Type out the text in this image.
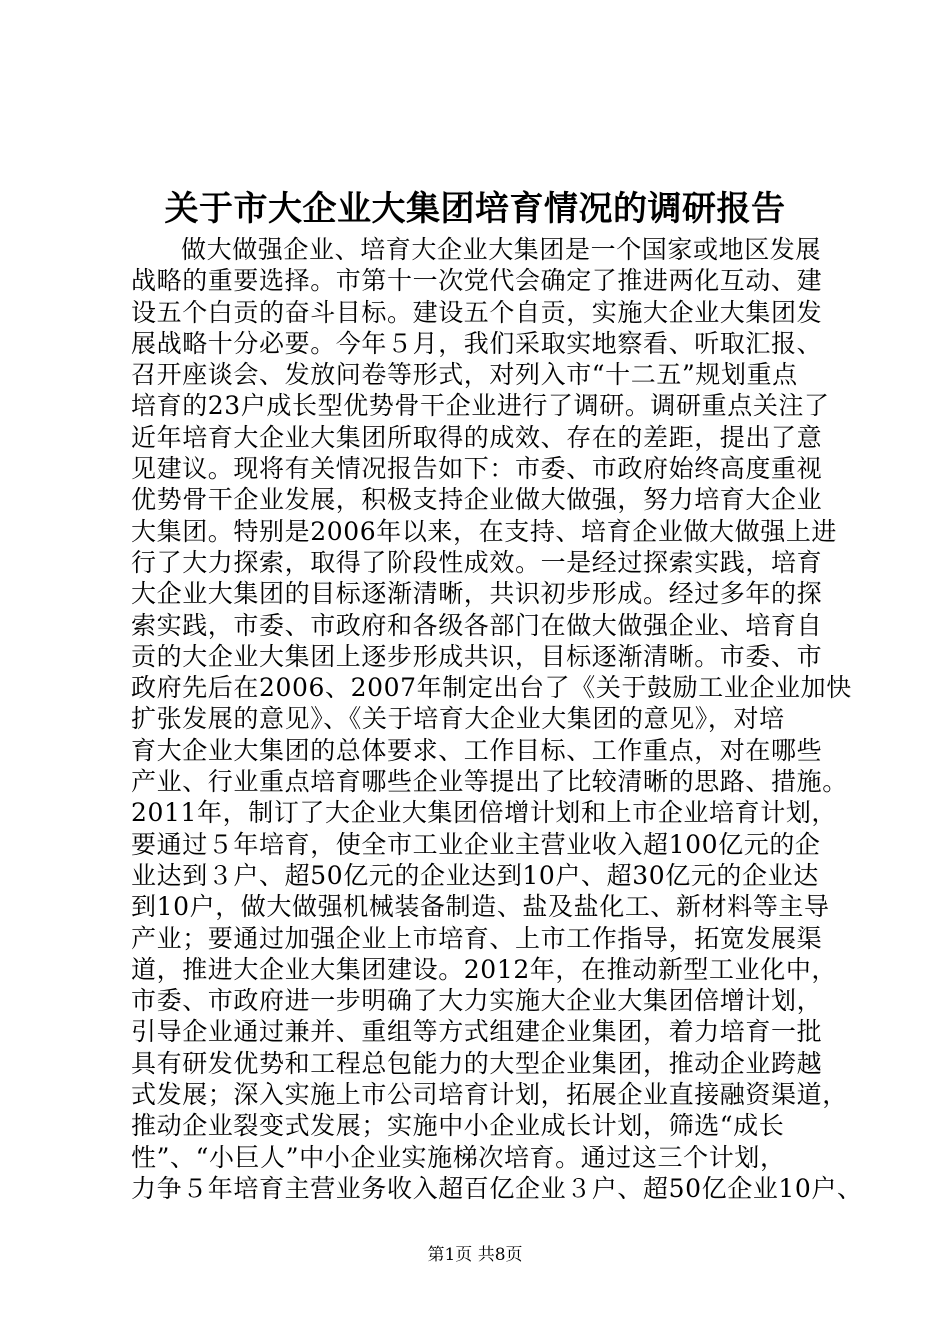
关于市大企业大集团培育情况的调研报告
做大做强企业、培育大企业大集团是一个国家或地区发展
战略的重要选择。市第十一次党代会确定了推进两化互动、建
设五个白贡的奋斗目标。建设五个自贡，实施大企业大集团发
展战略十分必要。今年５月，我们采取实地察看、听取汇报、
召开座谈会、发放问卷等形式，对列入市“十二五”规划重点
培育的23户成长型优势骨干企业进行了调研。调研重点关注了
近年培育大企业大集团所取得的成效、存在的差距，提出了意
见建议。现将有关情况报告如下：市委、市政府始终高度重视
优势骨干企业发展，积极支持企业做大做强，努力培育大企业
大集团。特别是2006年以来，在支持、培育企业做大做强上进
行了大力探索，取得了阶段性成效。一是经过探索实践，培育
大企业大集团的目标逐渐清晰，共识初步形成。经过多年的探
索实践，市委、市政府和各级各部门在做大做强企业、培育自
贡的大企业大集团上逐步形成共识，目标逐渐清晰。市委、市
政府先后在2006、2007年制定出台了《关于鼓励工业企业加快
扩张发展的意见》、《关于培育大企业大集团的意见》，对培
育大企业大集团的总体要求、工作目标、工作重点，对在哪些
产业、行业重点培育哪些企业等提出了比较清晰的思路、措施。
2011年，制订了大企业大集团倍增计划和上市企业培育计划，
要通过５年培育，使全市工业企业主营业收入超100亿元的企
业达到３户、超50亿元的企业达到10户、超30亿元的企业达
到10户，做大做强机械装备制造、盐及盐化工、新材料等主导
产业；要通过加强企业上市培育、上市工作指导，拓宽发展渠
道，推进大企业大集团建设。2012年，在推动新型工业化中，
市委、市政府进一步明确了大力实施大企业大集团倍增计划，
引导企业通过兼并、重组等方式组建企业集团，着力培育一批
具有研发优势和工程总包能力的大型企业集团，推动企业跨越
式发展；深入实施上市公司培育计划，拓展企业直接融资渠道，
推动企业裂变式发展；实施中小企业成长计划，筛选“成长
性”、“小巨人”中小企业实施梯次培育。通过这三个计划，
力争５年培育主营业务收入超百亿企业３户、超50亿企业10户、
第1页 共8页
